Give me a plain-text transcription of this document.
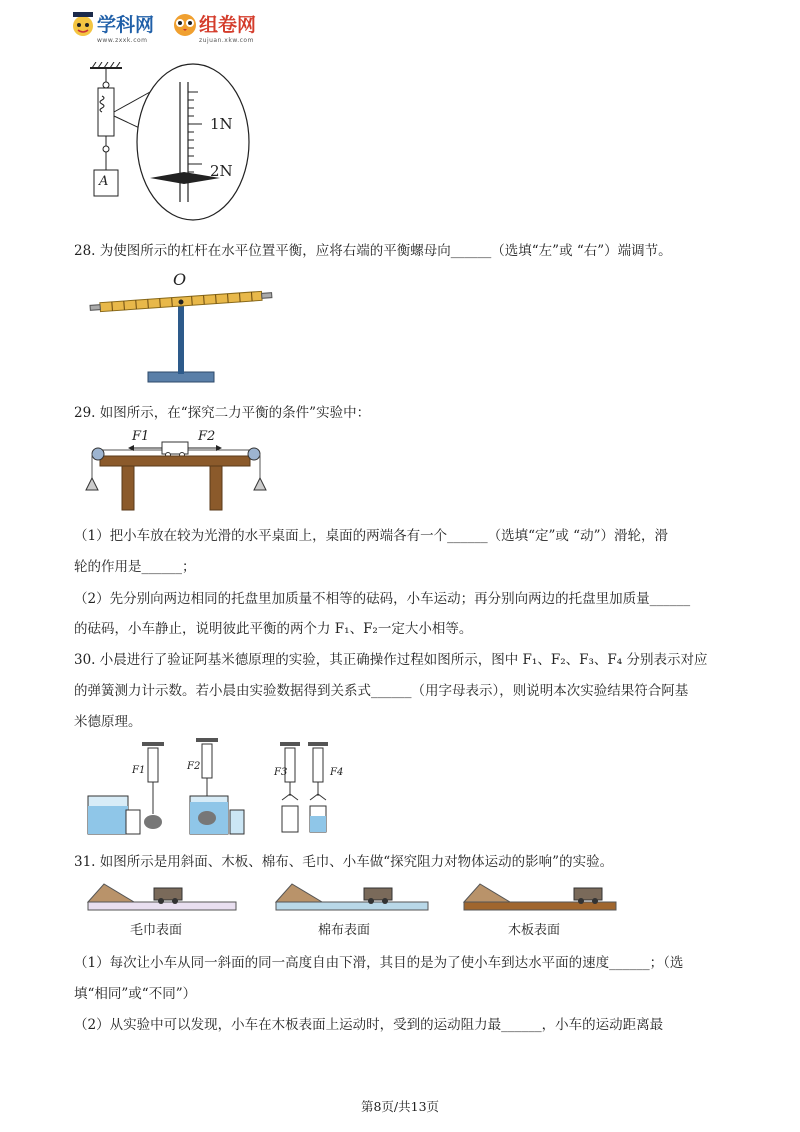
学科网
www.zxxk.com
组卷网
zujuan.xkw.com
1N
2N
A
28. 为使图所示的杠杆在水平位置平衡，应将右端的平衡螺母向______（选填“左”或 “右”）端调节。
O
29. 如图所示，在“探究二力平衡的条件”实验中：
F1	F2
（1）把小车放在较为光滑的水平桌面上，桌面的两端各有一个______（选填“定”或 “动”）滑轮，滑
轮的作用是______；
（2）先分别向两边相同的托盘里加质量不相等的砝码，小车运动；再分别向两边的托盘里加质量______
的砝码，小车静止，说明彼此平衡的两个力 F₁、F₂一定大小相等。
30. 小晨进行了验证阿基米德原理的实验，其正确操作过程如图所示，图中 F₁、F₂、F₃、F₄ 分别表示对应
的弹簧测力计示数。若小晨由实验数据得到关系式______（用字母表示），则说明本次实验结果符合阿基
米德原理。
F1	F2
F3	F4
31. 如图所示是用斜面、木板、棉布、毛巾、小车做“探究阻力对物体运动的影响”的实验。
毛巾表面	棉布表面	木板表面
（1）每次让小车从同一斜面的同一高度自由下滑，其目的是为了使小车到达水平面的速度______；（选
填“相同”或“不同”）
（2）从实验中可以发现，小车在木板表面上运动时，受到的运动阻力最______，小车的运动距离最
第8页/共13页
